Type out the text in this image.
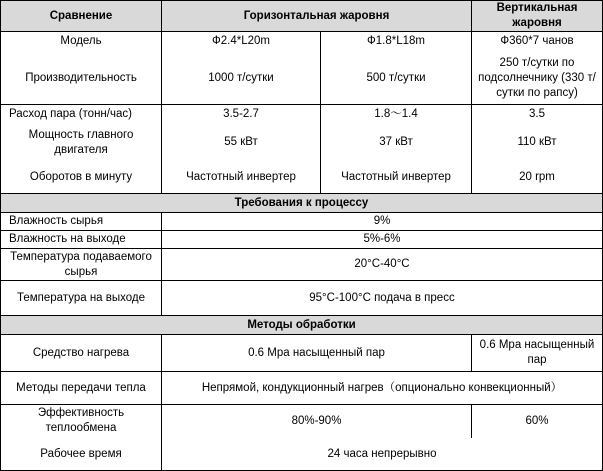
Сравнение	Горизонтальная жаровня		Вертикальная жаровня
Модель	Ф2.4*L20m	Ф1.8*L18m	Ф360*7 чанов
Производительность	1000 т/сутки	500 т/сутки	250 т/сутки по подсолнечнику (330 т/сутки по рапсу)
Расход пара (тонн/час)	3.5-2.7	1.8～1.4	3.5
Мощность главного двигателя	55 кВт	37 кВт	110 кВт
Оборотов в минуту	Частотный инвертер	Частотный инвертер	20 rpm
Требования к процессу			
Влажность сырья	9%		
Влажность на выходе	5%-6%		
Температура подаваемого сырья	20°C-40°C		
Температура на выходе	95°C-100°C подача в пресс		
Методы обработки			
Средство нагрева	0.6 Мра насыщенный пар		0.6 Мра насыщенный пар
Методы передачи тепла	Непрямой, кондукционный нагрев（опционально конвекционный）		
Эффективность теплообмена	80%-90%		60%
Рабочее время	24 часа непрерывно		
